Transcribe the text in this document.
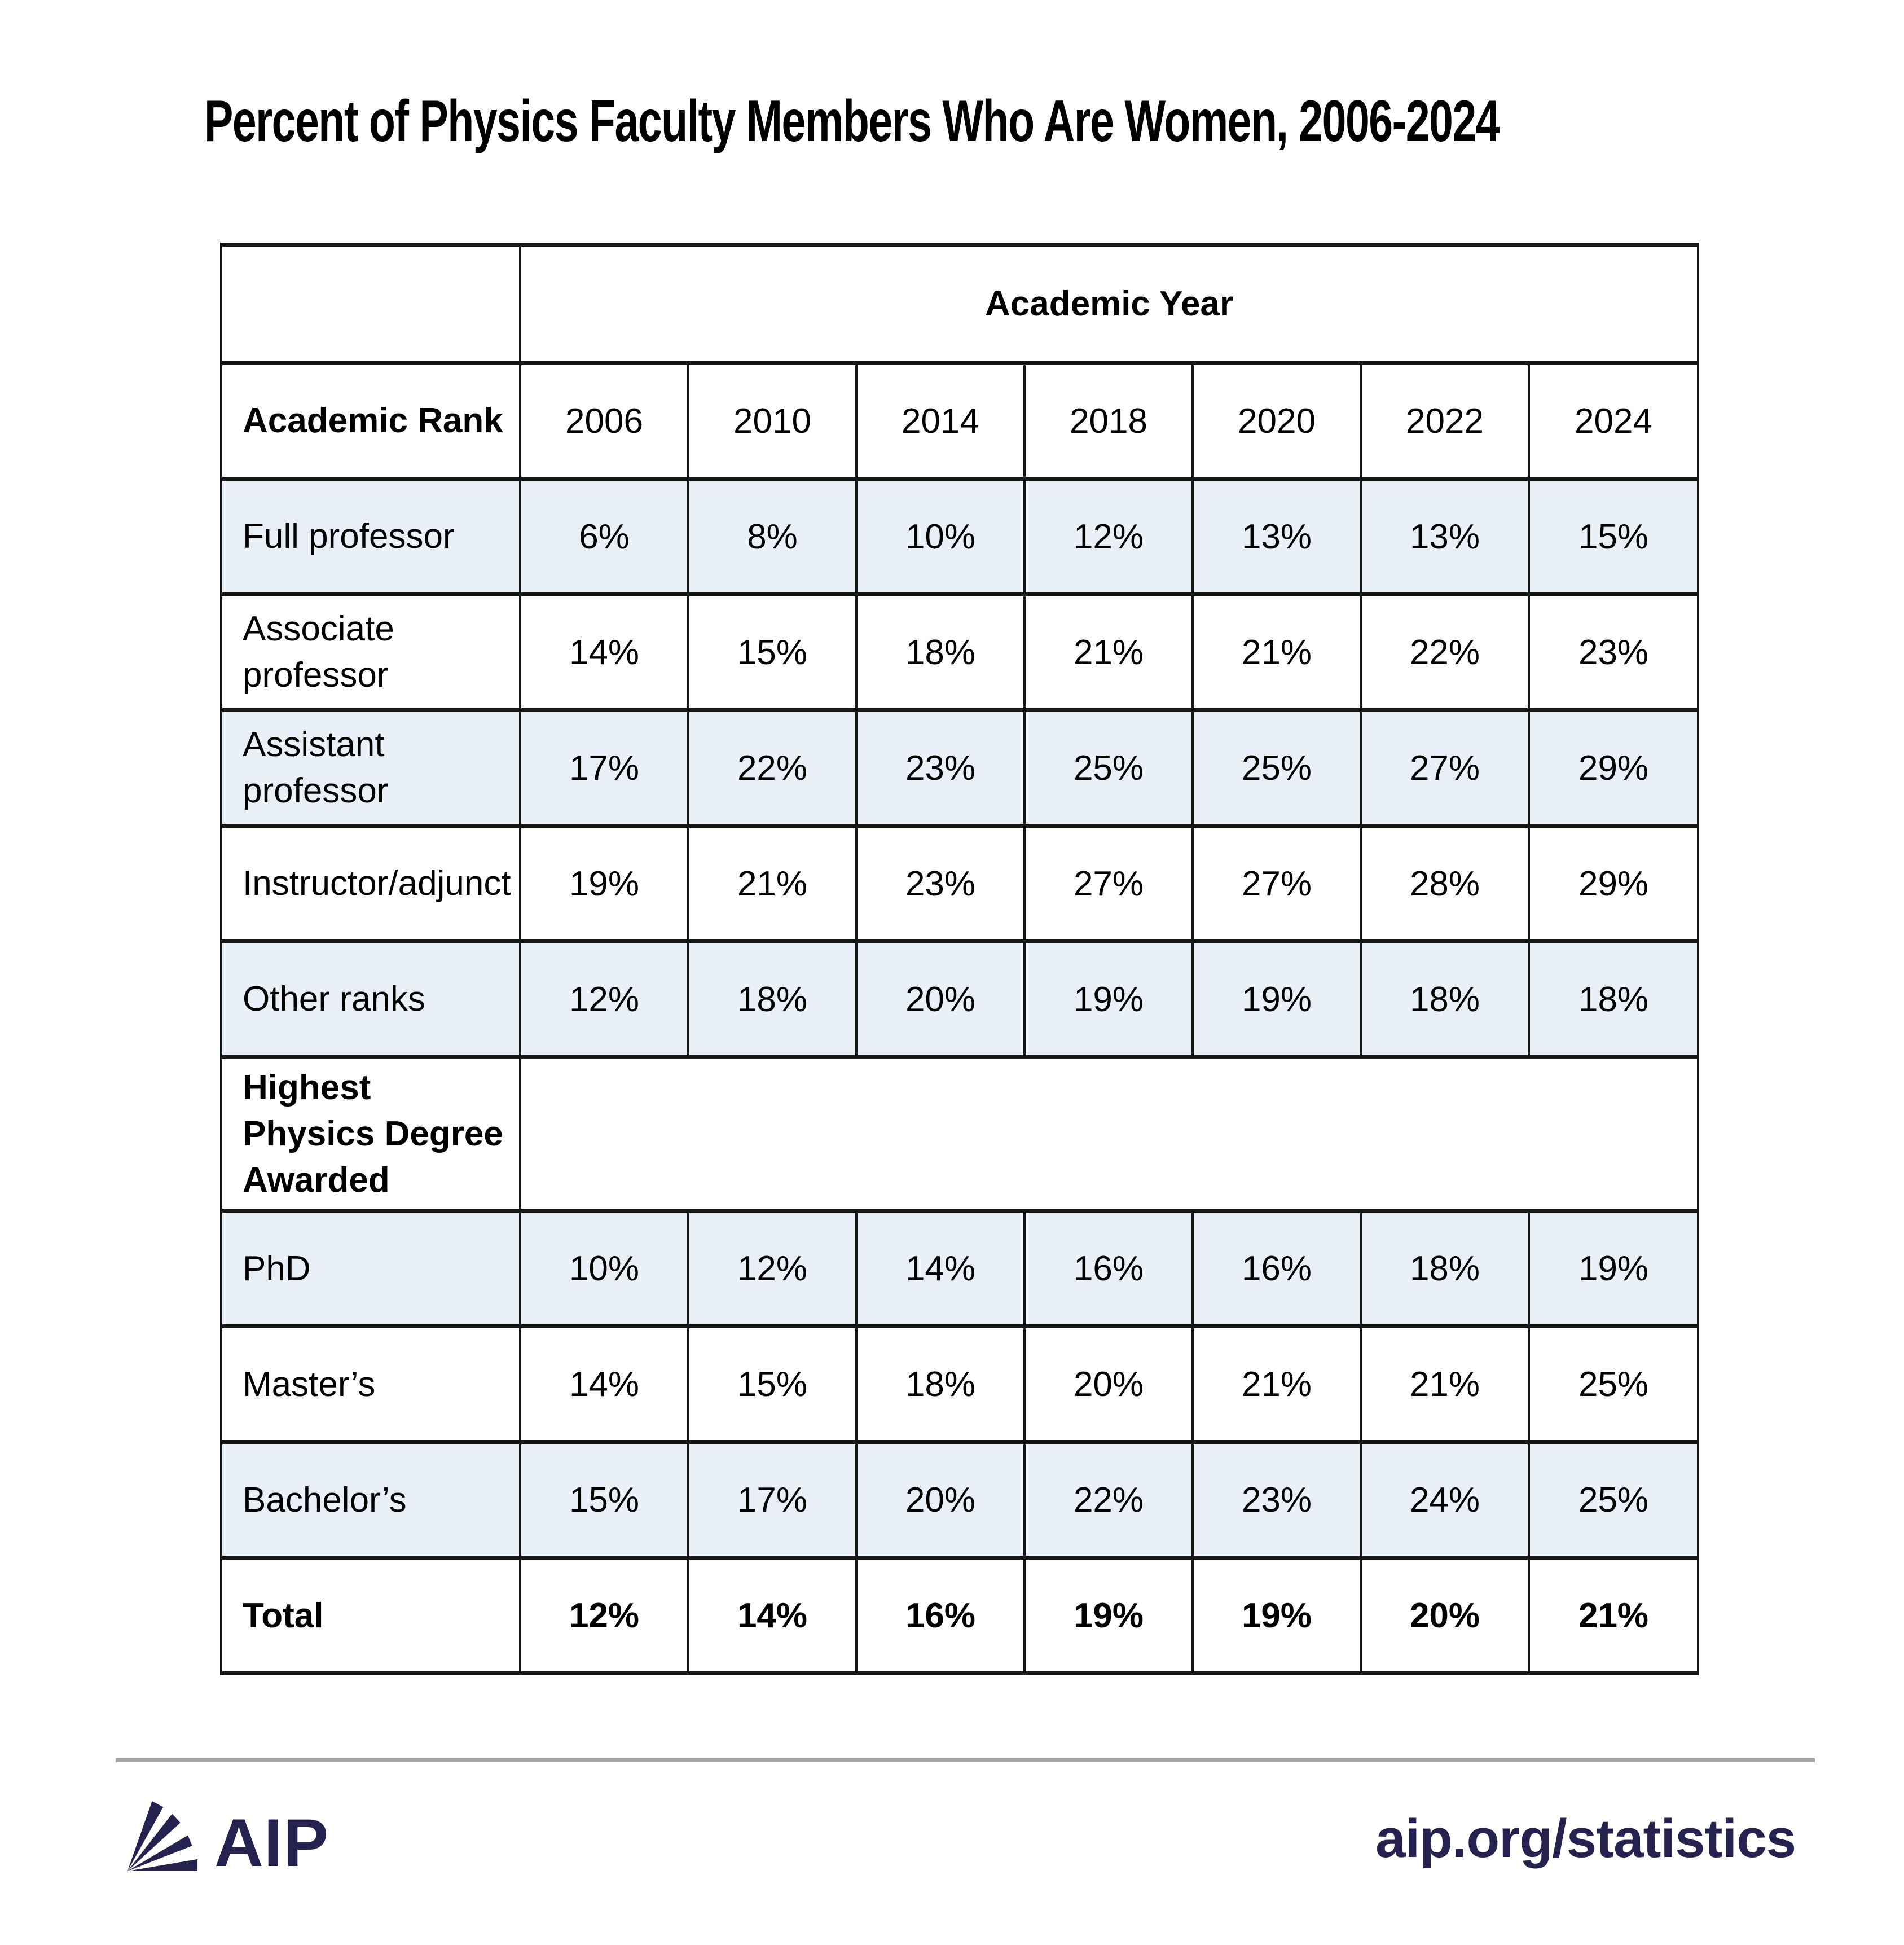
Percent of Physics Faculty Members Who Are Women, 2006-2024
	Academic Year						
Academic Rank	2006	2010	2014	2018	2020	2022	2024
Full professor	6%	8%	10%	12%	13%	13%	15%
Associate professor	14%	15%	18%	21%	21%	22%	23%
Assistant professor	17%	22%	23%	25%	25%	27%	29%
Instructor/adjunct	19%	21%	23%	27%	27%	28%	29%
Other ranks	12%	18%	20%	19%	19%	18%	18%
Highest Physics Degree Awarded							
PhD	10%	12%	14%	16%	16%	18%	19%
Master’s	14%	15%	18%	20%	21%	21%	25%
Bachelor’s	15%	17%	20%	22%	23%	24%	25%
Total	12%	14%	16%	19%	19%	20%	21%
AIP	aip.org/statistics
